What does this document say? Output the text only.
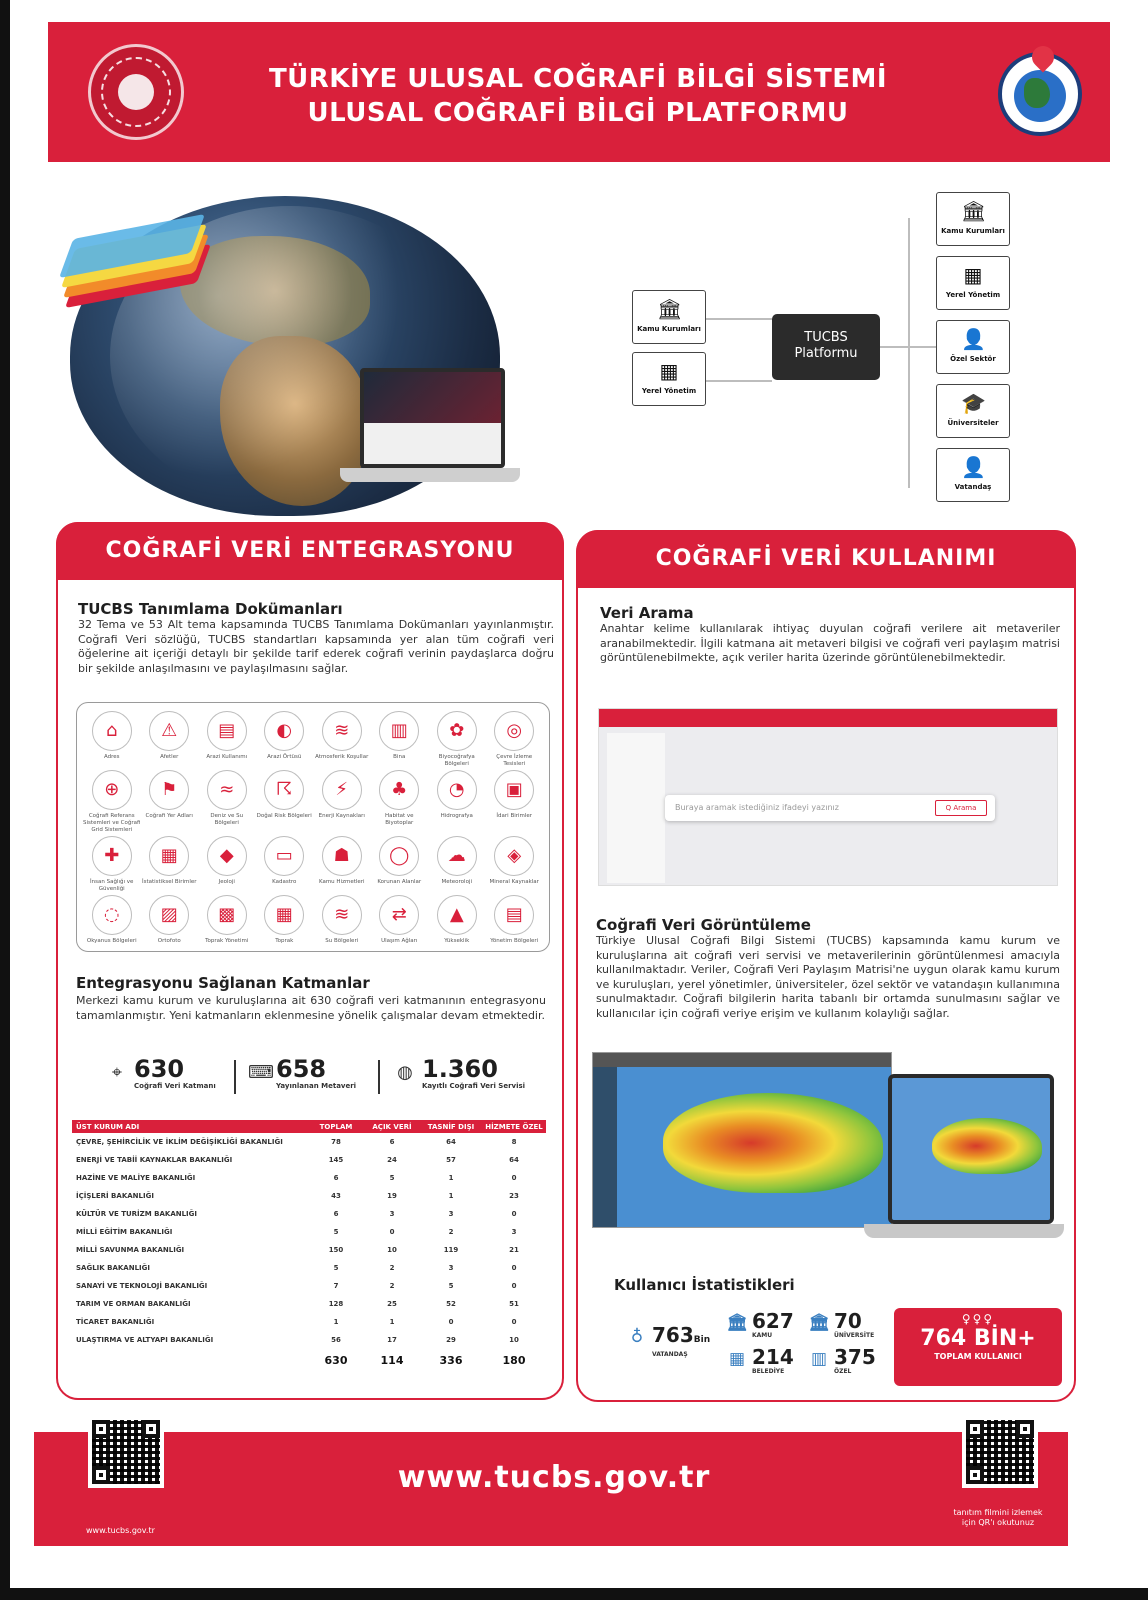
TÜRKİYE ULUSAL COĞRAFİ BİLGİ SİSTEMİ
ULUSAL COĞRAFİ BİLGİ PLATFORMU
🏛
Kamu Kurumları
▦
Yerel Yönetim
TUCBS
Platformu
🏛
Kamu Kurumları
▦
Yerel Yönetim
👤
Özel Sektör
🎓
Üniversiteler
👤
Vatandaş
COĞRAFİ VERİ ENTEGRASYONU
TUCBS Tanımlama Dokümanları
32 Tema ve 53 Alt tema kapsamında TUCBS Tanımlama Dokümanları yayınlanmıştır. Coğrafi Veri sözlüğü, TUCBS standartları kapsamında yer alan tüm coğrafi veri öğelerine ait içeriği detaylı bir şekilde tarif ederek coğrafi verinin paydaşlarca doğru bir şekilde anlaşılmasını ve paylaşılmasını sağlar.
⌂
Adres
⚠
Afetler
▤
Arazi Kullanımı
◐
Arazi Örtüsü
≋
Atmosferik Koşullar
▥
Bina
✿
Biyocoğrafya Bölgeleri
◎
Çevre İzleme Tesisleri
⊕
Coğrafi Referans Sistemleri ve Coğrafi Grid Sistemleri
⚑
Coğrafi Yer Adları
≈
Deniz ve Su Bölgeleri
☈
Doğal Risk Bölgeleri
⚡
Enerji Kaynakları
♣
Habitat ve Biyotoplar
◔
Hidrografya
▣
İdari Birimler
✚
İnsan Sağlığı ve Güvenliği
▦
İstatistiksel Birimler
◆
Jeoloji
▭
Kadastro
☗
Kamu Hizmetleri
◯
Korunan Alanlar
☁
Meteoroloji
◈
Mineral Kaynaklar
◌
Okyanus Bölgeleri
▨
Ortofoto
▩
Toprak Yönetimi
▦
Toprak
≋
Su Bölgeleri
⇄
Ulaşım Ağları
▲
Yükseklik
▤
Yönetim Bölgeleri
Entegrasyonu Sağlanan Katmanlar
Merkezi kamu kurum ve kuruluşlarına ait 630 coğrafi veri katmanının entegrasyonu tamamlanmıştır. Yeni katmanların eklenmesine yönelik çalışmalar devam etmektedir.
⌖ 630
Coğrafi Veri Katmanı
⌨ 658
Yayınlanan Metaveri
◍ 1.360
Kayıtlı Coğrafi Veri Servisi
ÜST KURUM ADI	TOPLAM	AÇIK VERİ	TASNİF DIŞI	HİZMETE ÖZEL
ÇEVRE, ŞEHİRCİLİK VE İKLİM DEĞİŞİKLİĞİ BAKANLIĞI	78	6	64	8
ENERJİ VE TABİİ KAYNAKLAR BAKANLIĞI	145	24	57	64
HAZİNE VE MALİYE BAKANLIĞI	6	5	1	0
İÇİŞLERİ BAKANLIĞI	43	19	1	23
KÜLTÜR VE TURİZM BAKANLIĞI	6	3	3	0
MİLLİ EĞİTİM BAKANLIĞI	5	0	2	3
MİLLİ SAVUNMA BAKANLIĞI	150	10	119	21
SAĞLIK BAKANLIĞI	5	2	3	0
SANAYİ VE TEKNOLOJİ BAKANLIĞI	7	2	5	0
TARIM VE ORMAN BAKANLIĞI	128	25	52	51
TİCARET BAKANLIĞI	1	1	0	0
ULAŞTIRMA VE ALTYAPI BAKANLIĞI	56	17	29	10
	630	114	336	180
COĞRAFİ VERİ KULLANIMI
Veri Arama
Anahtar kelime kullanılarak ihtiyaç duyulan coğrafi verilere ait metaveriler aranabilmektedir. İlgili katmana ait metaveri bilgisi ve coğrafi veri paylaşım matrisi görüntülenebilmekte, açık veriler harita üzerinde görüntülenebilmektedir.
Buraya aramak istediğiniz ifadeyi yazınız	Q Arama
Coğrafi Veri Görüntüleme
Türkiye Ulusal Coğrafi Bilgi Sistemi (TUCBS) kapsamında kamu kurum ve kuruluşlarına ait coğrafi veri servisi ve metaverilerinin görüntülenmesi amacıyla kullanılmaktadır. Veriler, Coğrafi Veri Paylaşım Matrisi'ne uygun olarak kamu kurum ve kuruluşları, yerel yönetimler, üniversiteler, özel sektör ve vatandaşın kullanımına sunulmaktadır. Coğrafi bilgilerin harita tabanlı bir ortamda sunulmasını sağlar ve kullanıcılar için coğrafi veriye erişim ve kullanım kolaylığı sağlar.
Kullanıcı İstatistikleri
♁ 763Bin
VATANDAŞ
🏛 627
KAMU
🏛 70
ÜNİVERSİTE
▦ 214
BELEDİYE
▥ 375
ÖZEL
♀♀♀
764 BİN+
TOPLAM KULLANICI
www.tucbs.gov.tr
www.tucbs.gov.tr
tanıtım filmini izlemek için QR'ı okutunuz
